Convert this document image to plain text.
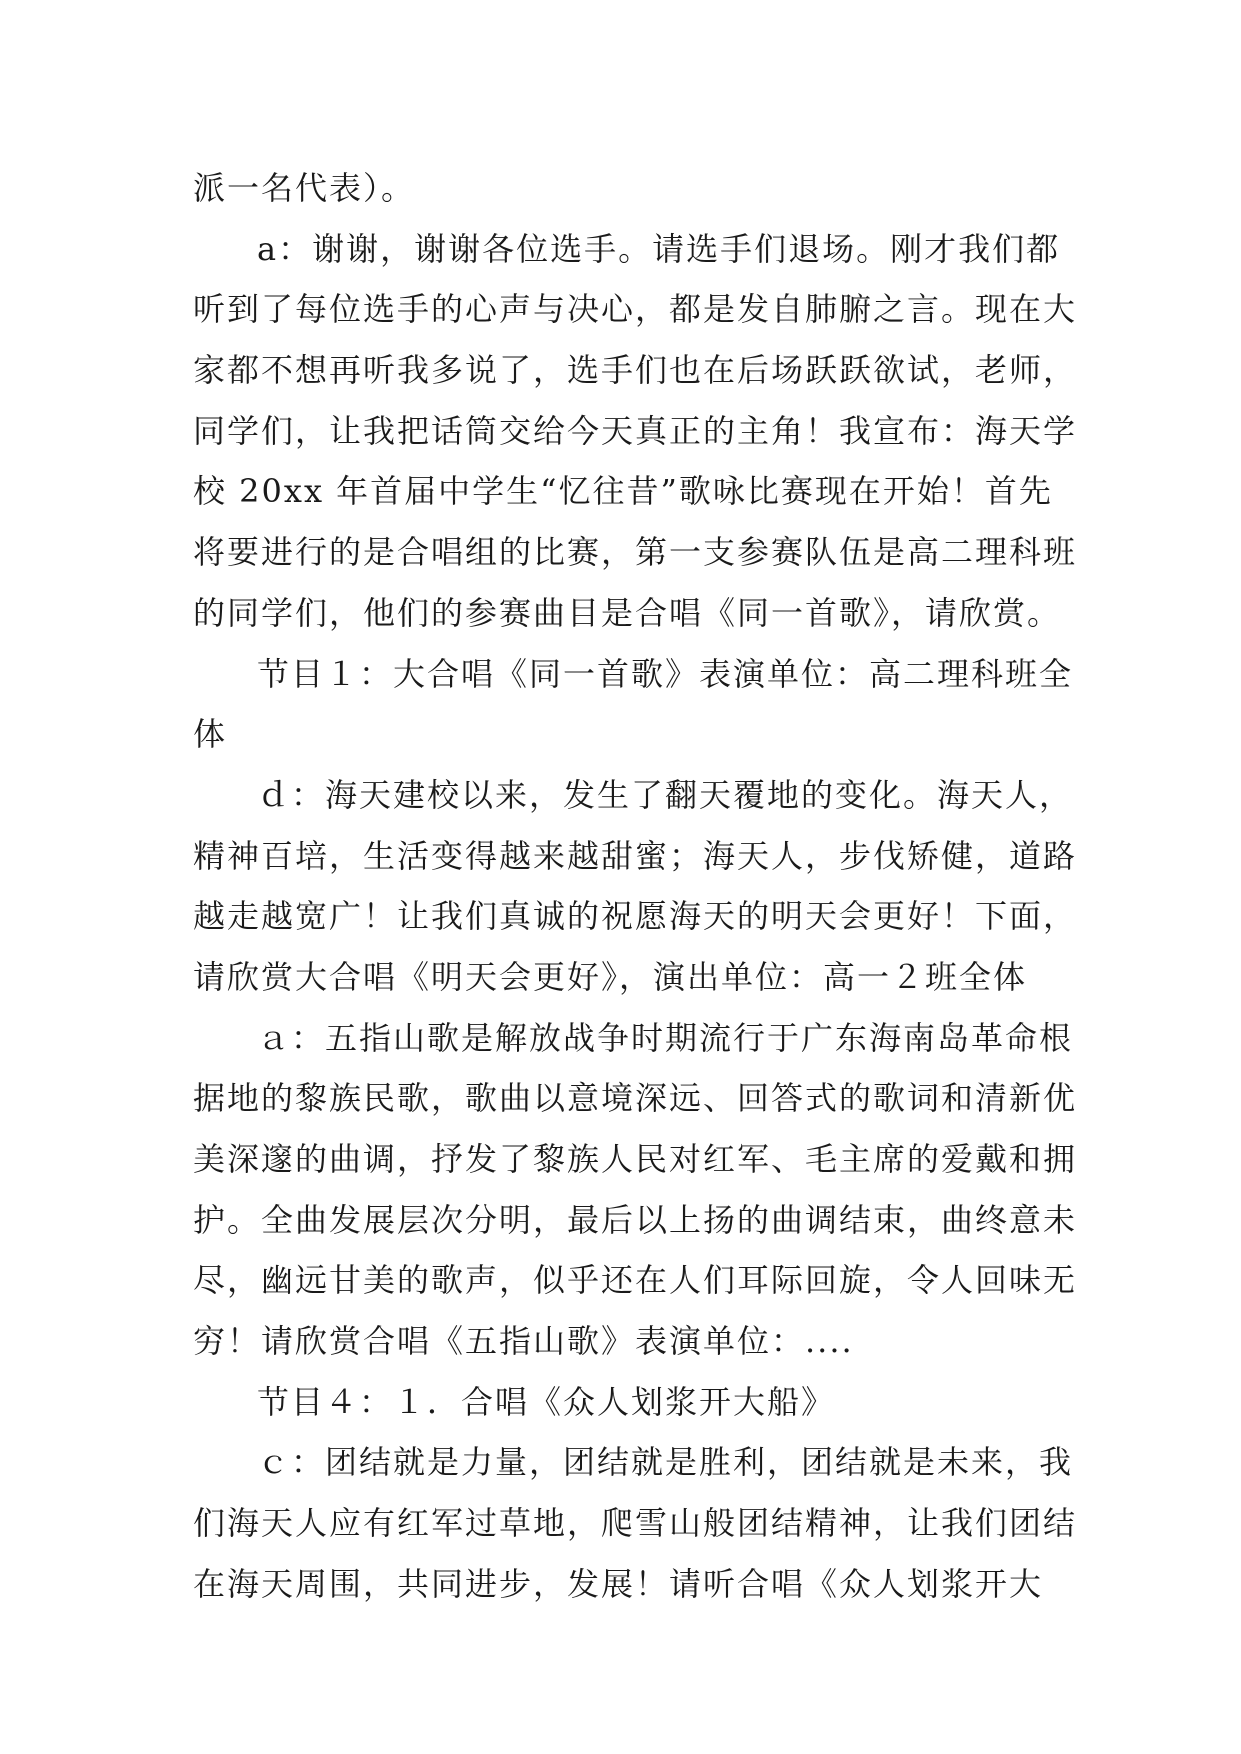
派一名代表）。
a：谢谢，谢谢各位选手。请选手们退场。刚才我们都
听到了每位选手的心声与决心，都是发自肺腑之言。现在大
家都不想再听我多说了，选手们也在后场跃跃欲试，老师，
同学们，让我把话筒交给今天真正的主角！我宣布：海天学
校 20xx 年首届中学生“忆往昔”歌咏比赛现在开始！首先
将要进行的是合唱组的比赛，第一支参赛队伍是高二理科班
的同学们，他们的参赛曲目是合唱《同一首歌》，请欣赏。
节目１：大合唱《同一首歌》表演单位：高二理科班全
体
ｄ：海天建校以来，发生了翻天覆地的变化。海天人，
精神百培，生活变得越来越甜蜜；海天人，步伐矫健，道路
越走越宽广！让我们真诚的祝愿海天的明天会更好！下面，
请欣赏大合唱《明天会更好》，演出单位：高一２班全体
ａ：五指山歌是解放战争时期流行于广东海南岛革命根
据地的黎族民歌，歌曲以意境深远、回答式的歌词和清新优
美深邃的曲调，抒发了黎族人民对红军、毛主席的爱戴和拥
护。全曲发展层次分明，最后以上扬的曲调结束，曲终意未
尽，幽远甘美的歌声，似乎还在人们耳际回旋，令人回味无
穷！请欣赏合唱《五指山歌》表演单位：....
节目４：１．合唱《众人划浆开大船》
ｃ：团结就是力量，团结就是胜利，团结就是未来，我
们海天人应有红军过草地，爬雪山般团结精神，让我们团结
在海天周围，共同进步，发展！请听合唱《众人划浆开大
